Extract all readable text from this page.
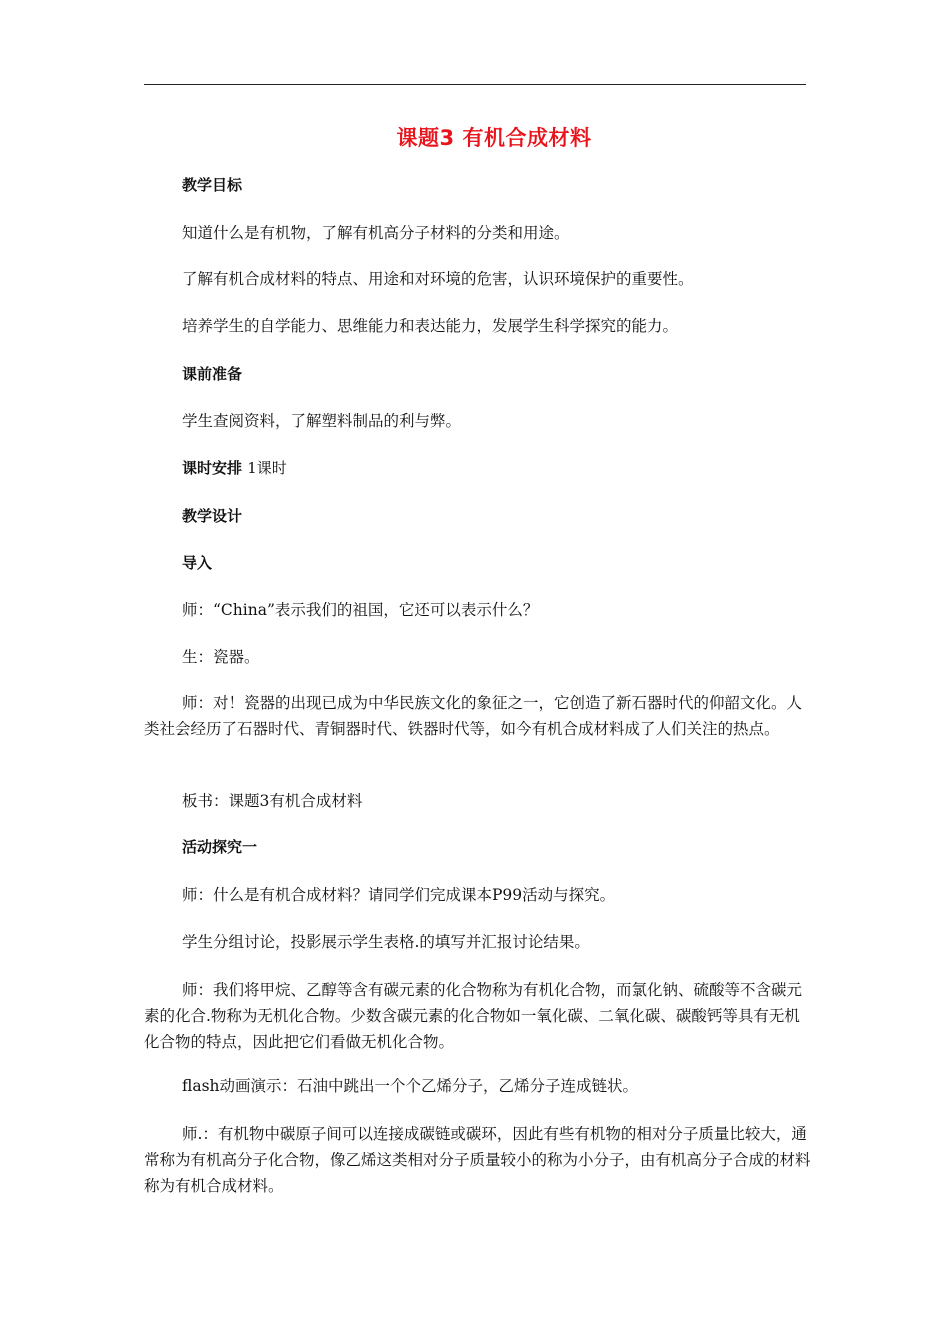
课题3 有机合成材料
教学目标
知道什么是有机物，了解有机高分子材料的分类和用途。
了解有机合成材料的特点、用途和对环境的危害，认识环境保护的重要性。
培养学生的自学能力、思维能力和表达能力，发展学生科学探究的能力。
课前准备
学生查阅资料，了解塑料制品的利与弊。
课时安排 1课时
教学设计
导入
师：“China”表示我们的祖国，它还可以表示什么？
生：瓷器。
师：对！瓷器的出现已成为中华民族文化的象征之一，它创造了新石器时代的仰韶文化。人类社会经历了石器时代、青铜器时代、铁器时代等，如今有机合成材料成了人们关注的热点。
板书：课题3有机合成材料
活动探究一
师：什么是有机合成材料？请同学们完成课本P99活动与探究。
学生分组讨论，投影展示学生表格.的填写并汇报讨论结果。
师：我们将甲烷、乙醇等含有碳元素的化合物称为有机化合物，而氯化钠、硫酸等不含碳元素的化合.物称为无机化合物。少数含碳元素的化合物如一氧化碳、二氧化碳、碳酸钙等具有无机化合物的特点，因此把它们看做无机化合物。
flash动画演示：石油中跳出一个个乙烯分子，乙烯分子连成链状。
师.：有机物中碳原子间可以连接成碳链或碳环，因此有些有机物的相对分子质量比较大，通常称为有机高分子化合物，像乙烯这类相对分子质量较小的称为小分子，由有机高分子合成的材料称为有机合成材料。
